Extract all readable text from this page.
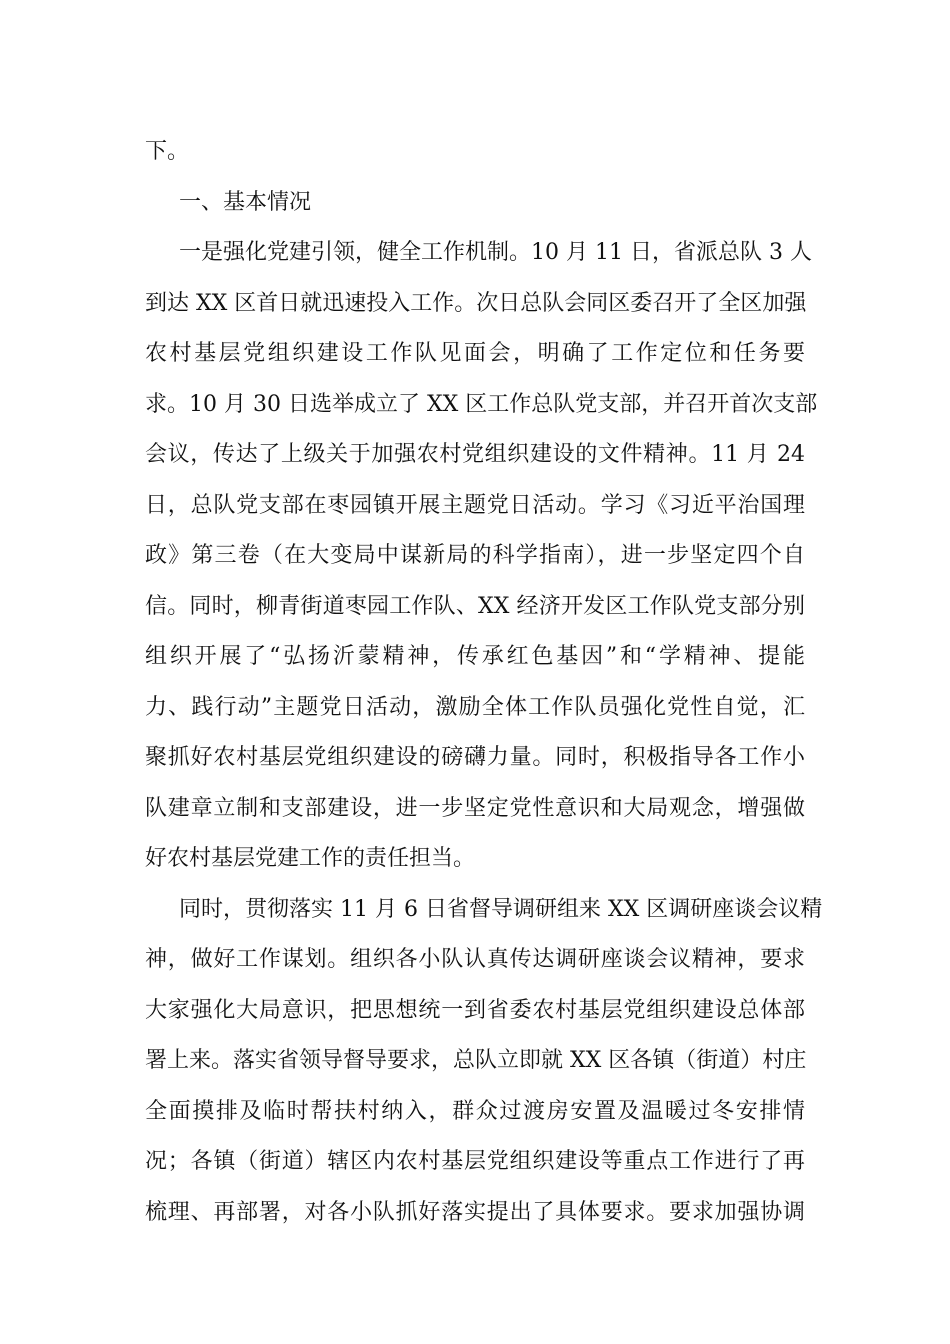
下。
一、基本情况
一是强化党建引领，健全工作机制。10 月 11 日，省派总队 3 人
到达 XX 区首日就迅速投入工作。次日总队会同区委召开了全区加强
农村基层党组织建设工作队见面会，明确了工作定位和任务要
求。10 月 30 日选举成立了 XX 区工作总队党支部，并召开首次支部
会议，传达了上级关于加强农村党组织建设的文件精神。11 月 24
日，总队党支部在枣园镇开展主题党日活动。学习《习近平治国理
政》第三卷（在大变局中谋新局的科学指南），进一步坚定四个自
信。同时，柳青街道枣园工作队、XX 经济开发区工作队党支部分别
组织开展了“弘扬沂蒙精神，传承红色基因”和“学精神、提能
力、践行动”主题党日活动，激励全体工作队员强化党性自觉，汇
聚抓好农村基层党组织建设的磅礴力量。同时，积极指导各工作小
队建章立制和支部建设，进一步坚定党性意识和大局观念，增强做
好农村基层党建工作的责任担当。
同时，贯彻落实 11 月 6 日省督导调研组来 XX 区调研座谈会议精
神，做好工作谋划。组织各小队认真传达调研座谈会议精神，要求
大家强化大局意识，把思想统一到省委农村基层党组织建设总体部
署上来。落实省领导督导要求，总队立即就 XX 区各镇（街道）村庄
全面摸排及临时帮扶村纳入，群众过渡房安置及温暖过冬安排情
况；各镇（街道）辖区内农村基层党组织建设等重点工作进行了再
梳理、再部署，对各小队抓好落实提出了具体要求。要求加强协调
